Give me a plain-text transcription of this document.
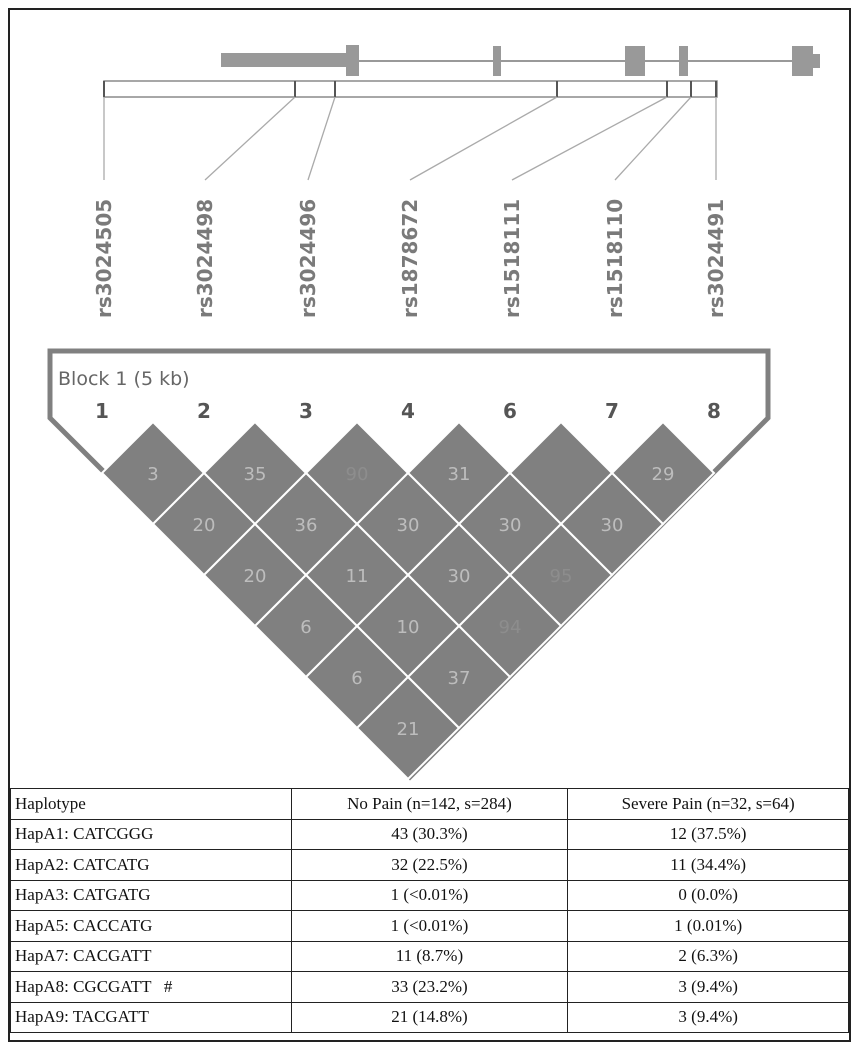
rs3024505	rs3024498	rs3024496	rs1878672	rs1518111	rs1518110	rs3024491
Block 1 (5 kb)
1	2	3	4	6	7	8
3	35	90	31	29
20	36	30	30	30
20	11	30	95
6	10	94
6	37
21
Haplotype	No Pain (n=142, s=284)	Severe Pain (n=32, s=64)
HapA1: CATCGGG	43 (30.3%)	12 (37.5%)
HapA2: CATCATG	32 (22.5%)	11 (34.4%)
HapA3: CATGATG	1 (<0.01%)	0 (0.0%)
HapA5: CACCATG	1 (<0.01%)	1 (0.01%)
HapA7: CACGATT	11 (8.7%)	2 (6.3%)
HapA8: CGCGATT   #	33 (23.2%)	3 (9.4%)
HapA9: TACGATT	21 (14.8%)	3 (9.4%)
